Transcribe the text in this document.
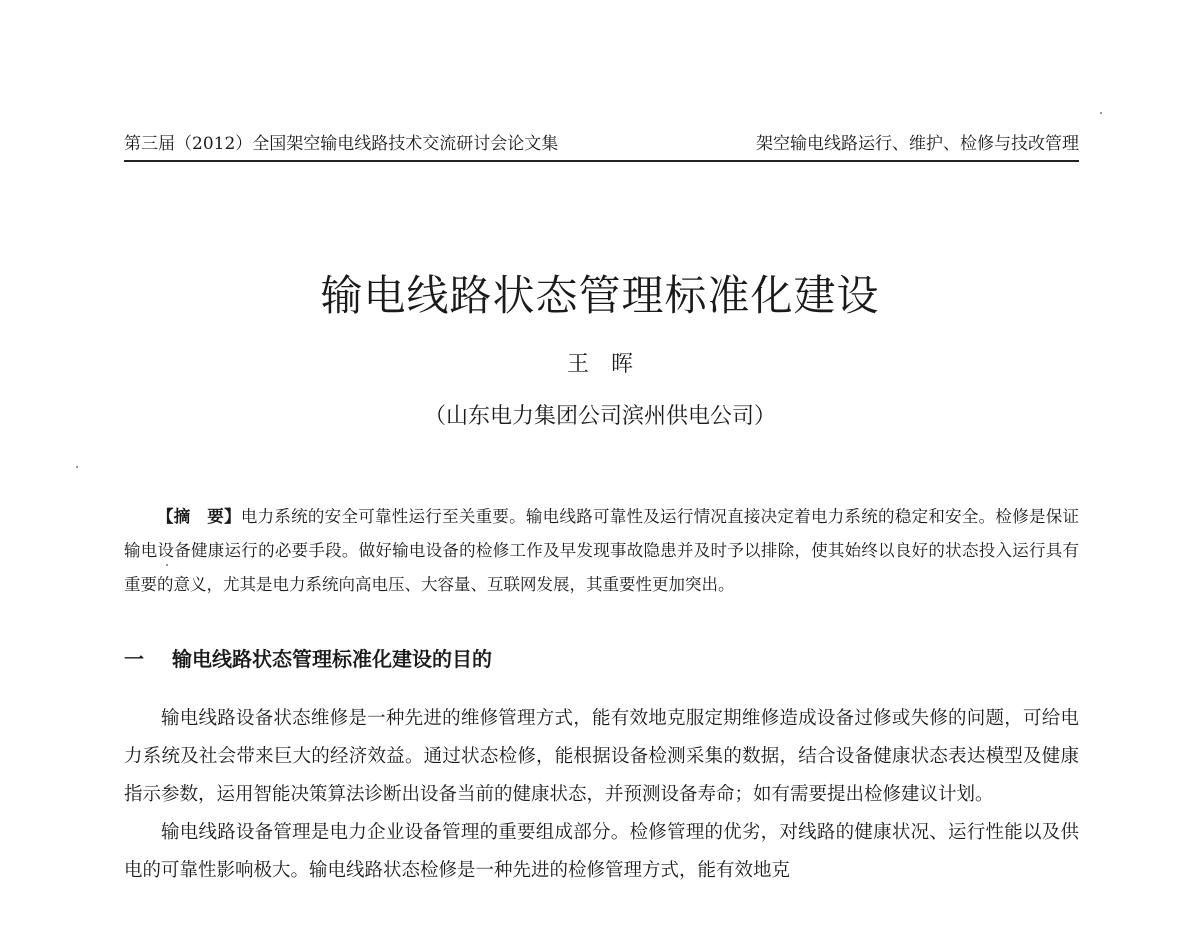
第三届（2012）全国架空输电线路技术交流研讨会论文集	架空输电线路运行、维护、检修与技改管理
输电线路状态管理标准化建设
王　晖
（山东电力集团公司滨州供电公司）
【摘　要】电力系统的安全可靠性运行至关重要。输电线路可靠性及运行情况直接决定着电力系统的稳定和安全。检修是保证输电设备健康运行的必要手段。做好输电设备的检修工作及早发现事故隐患并及时予以排除，使其始终以良好的状态投入运行具有重要的意义，尤其是电力系统向高电压、大容量、互联网发展，其重要性更加突出。
一 输电线路状态管理标准化建设的目的

输电线路设备状态维修是一种先进的维修管理方式，能有效地克服定期维修造成设备过修或失修的问题，可给电力系统及社会带来巨大的经济效益。通过状态检修，能根据设备检测采集的数据，结合设备健康状态表达模型及健康指示参数，运用智能决策算法诊断出设备当前的健康状态，并预测设备寿命；如有需要提出检修建议计划。

输电线路设备管理是电力企业设备管理的重要组成部分。检修管理的优劣，对线路的健康状况、运行性能以及供电的可靠性影响极大。输电线路状态检修是一种先进的检修管理方式，能有效地克
